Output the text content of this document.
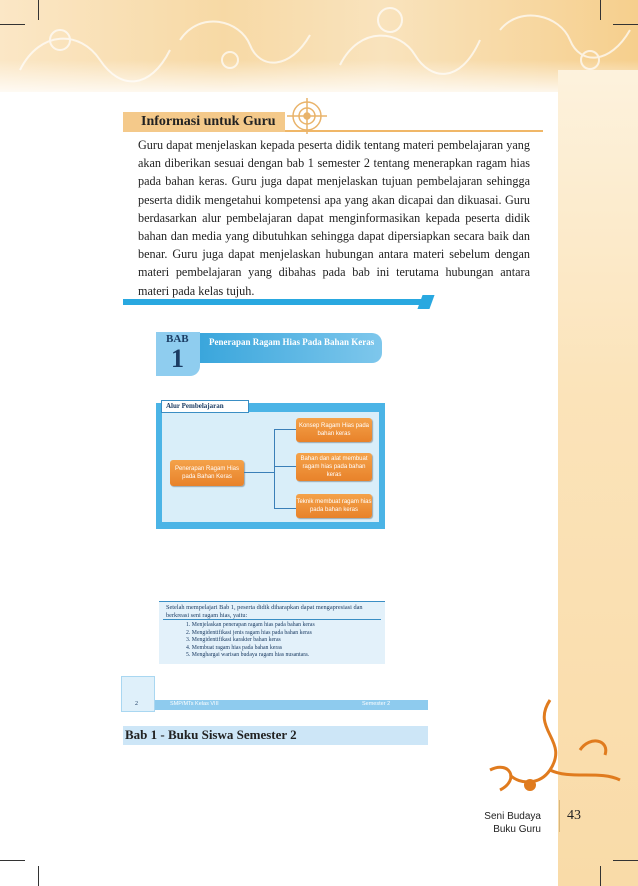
Informasi untuk Guru
Guru dapat menjelaskan kepada peserta didik tentang materi pembelajaran yang akan diberikan sesuai dengan bab 1 semester 2 tentang menerapkan ragam hias pada bahan keras. Guru juga dapat menjelaskan tujuan pembelajaran sehingga peserta didik mengetahui kompetensi apa yang akan dicapai dan dikuasai. Guru berdasarkan alur pembelajaran dapat menginformasikan kepada peserta didik bahan dan media yang dibutuhkan sehingga dapat dipersiapkan secara baik dan benar. Guru juga dapat menjelaskan hubungan antara materi sebelum dengan materi pembelajaran yang dibahas pada bab ini terutama hubungan antara materi pada kelas tujuh.
BAB
1
Penerapan Ragam Hias Pada Bahan Keras
Alur Pembelajaran
Penerapan Ragam Hias pada Bahan Keras
Konsep Ragam Hias pada bahan keras
Bahan dan alat membuat ragam hias pada bahan keras
Teknik membuat ragam hias pada bahan keras
Setelah mempelajari Bab 1, peserta didik diharapkan dapat mengapresiasi dan berkreasi seni ragam hias, yaitu:
1. Menjelaskan penerapan ragam hias pada bahan keras
2. Mengidentifikasi jenis ragam hias pada bahan keras
3. Mengidentifikasi karakter bahan keras
4. Membuat ragam hias pada bahan keras
5. Menghargai warisan budaya ragam hias nusantara.
2	SMP/MTs Kelas VIII	Semester 2
Bab 1 - Buku Siswa Semester 2
Seni Budaya
Buku Guru
43
